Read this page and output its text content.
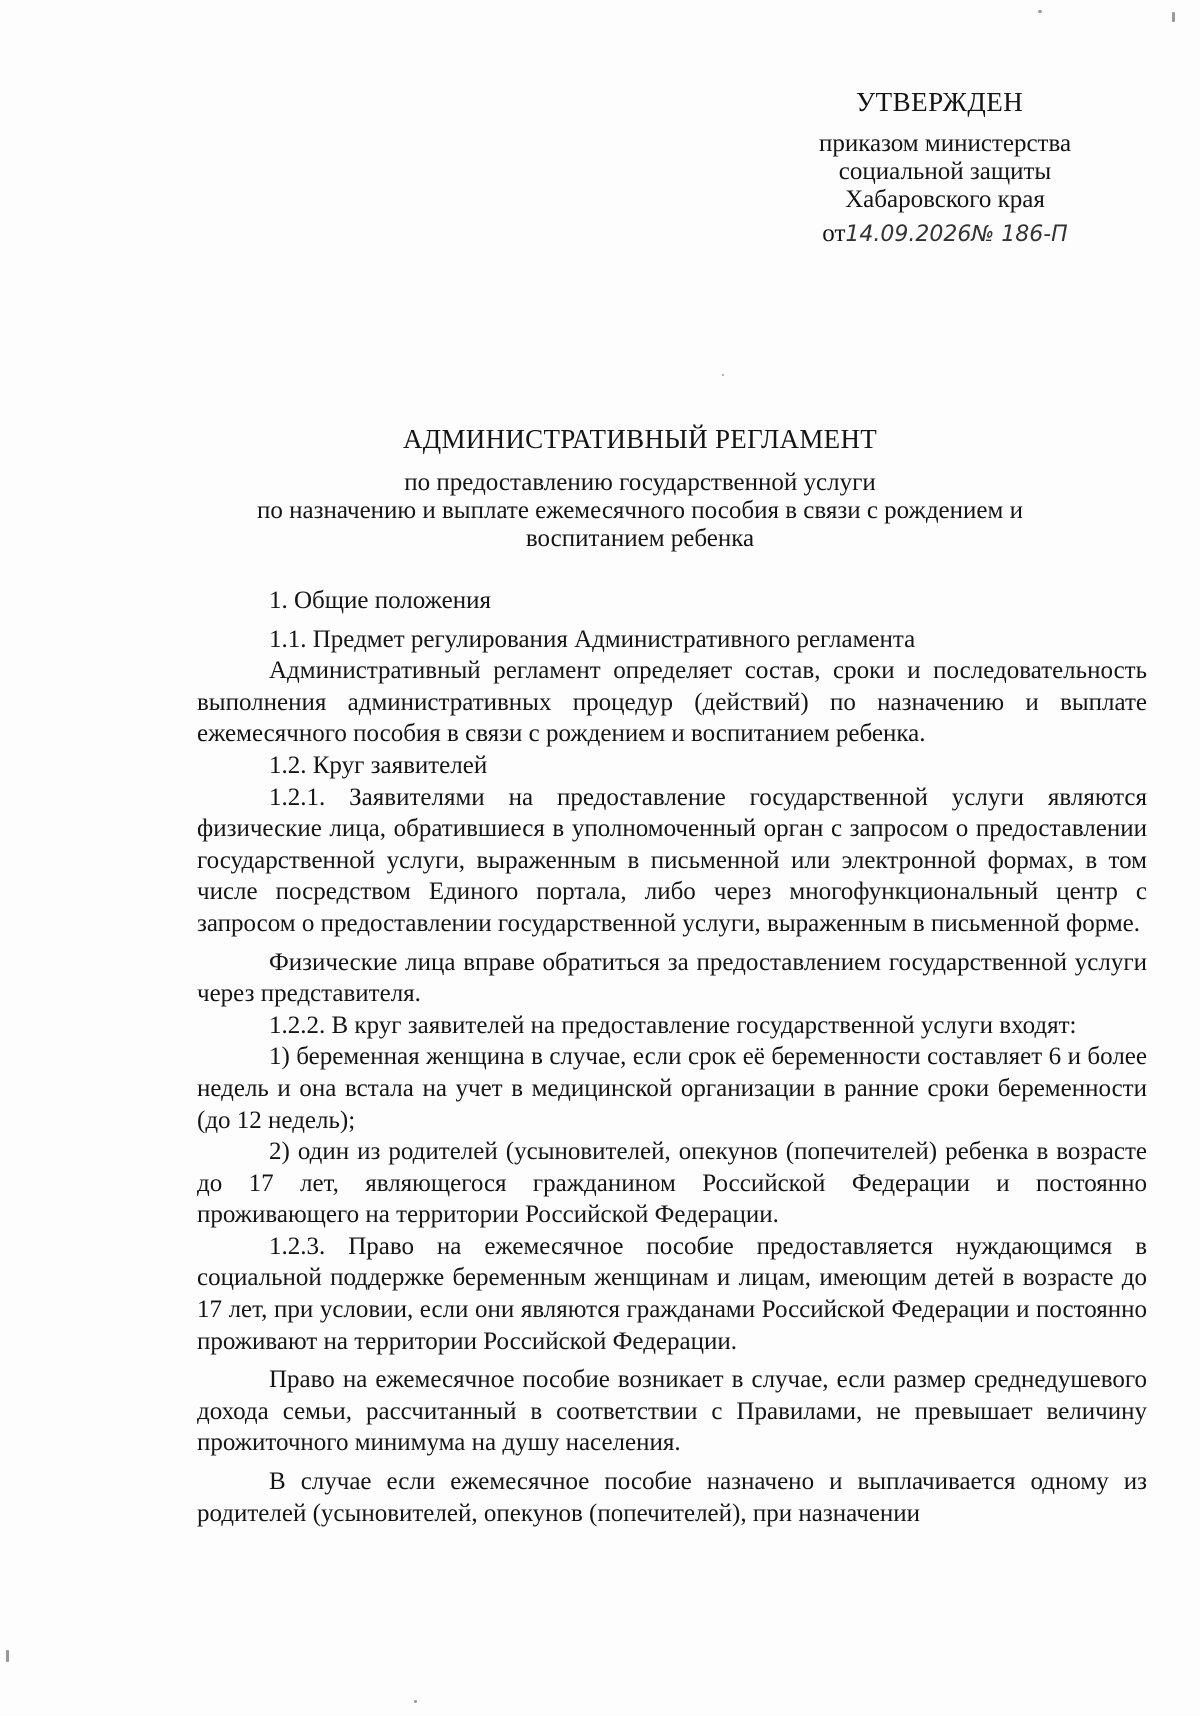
УТВЕРЖДЕН
приказом министерства
социальной защиты
Хабаровского края
от14.09.2026№ 186-П
АДМИНИСТРАТИВНЫЙ РЕГЛАМЕНТ
по предоставлению государственной услуги
по назначению и выплате ежемесячного пособия в связи с рождением и
воспитанием ребенка

1. Общие положения

1.1. Предмет регулирования Административного регламента

Административный регламент определяет состав, сроки и последовательность выполнения административных процедур (действий) по назначению и выплате ежемесячного пособия в связи с рождением и воспитанием ребенка.

1.2. Круг заявителей

1.2.1. Заявителями на предоставление государственной услуги являются физические лица, обратившиеся в уполномоченный орган с запросом о предоставлении государственной услуги, выраженным в письменной или электронной формах, в том числе посредством Единого портала, либо через многофункциональный центр с запросом о предоставлении государственной услуги, выраженным в письменной форме.

Физические лица вправе обратиться за предоставлением государственной услуги через представителя.

1.2.2. В круг заявителей на предоставление государственной услуги входят:

1) беременная женщина в случае, если срок её беременности составляет 6 и более недель и она встала на учет в медицинской организации в ранние сроки беременности (до 12 недель);

2) один из родителей (усыновителей, опекунов (попечителей) ребенка в возрасте до 17 лет, являющегося гражданином Российской Федерации и постоянно проживающего на территории Российской Федерации.

1.2.3. Право на ежемесячное пособие предоставляется нуждающимся в социальной поддержке беременным женщинам и лицам, имеющим детей в возрасте до 17 лет, при условии, если они являются гражданами Российской Федерации и постоянно проживают на территории Российской Федерации.

Право на ежемесячное пособие возникает в случае, если размер среднедушевого дохода семьи, рассчитанный в соответствии с Правилами, не превышает величину прожиточного минимума на душу населения.

В случае если ежемесячное пособие назначено и выплачивается одному из родителей (усыновителей, опекунов (попечителей), при назначении
